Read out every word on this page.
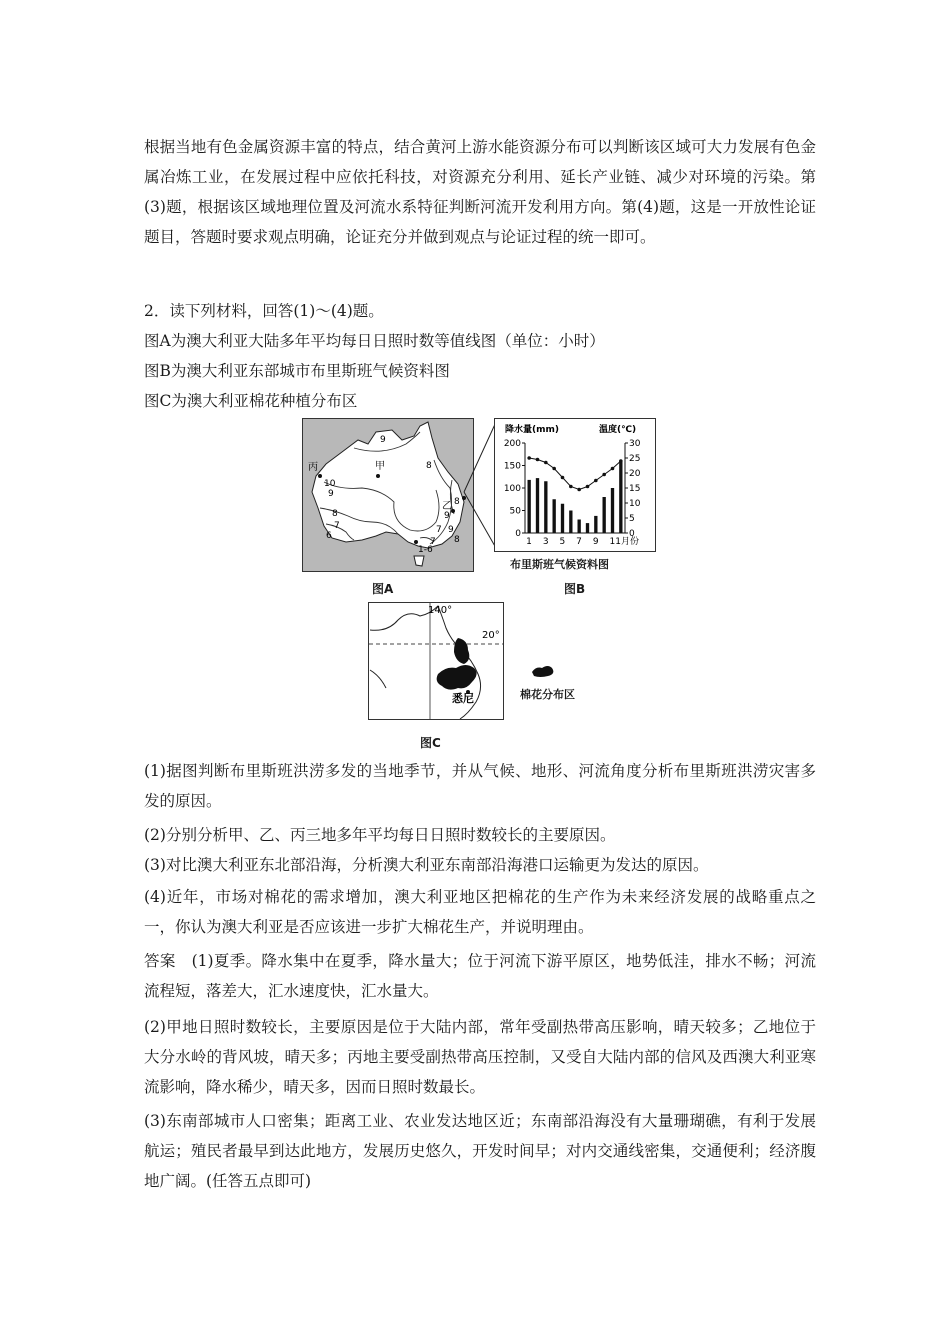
根据当地有色金属资源丰富的特点，结合黄河上游水能资源分布可以判断该区域可大力发展有色金属冶炼工业，在发展过程中应依托科技，对资源充分利用、延长产业链、减少对环境的污染。第(3)题，根据该区域地理位置及河流水系特征判断河流开发利用方向。第(4)题，这是一开放性论证题目，答题时要求观点明确，论证充分并做到观点与论证过程的统一即可。

2．读下列材料，回答(1)～(4)题。

图A为澳大利亚大陆多年平均每日日照时数等值线图（单位：小时）

图B为澳大利亚东部城市布里斯班气候资料图

图C为澳大利亚棉花种植分布区

甲
乙
丙
9
8
10
9
8
7
6
8
9
7 9
8
7
1-6
图A
降水量(mm)	温度(℃)
0
50
100
150
200
0
5
10
15
20
25
30
1 3 5 7 9 11月份
布里斯班气候资料图
图B
140°
20°
悉尼	棉花分布区
图C

(1)据图判断布里斯班洪涝多发的当地季节，并从气候、地形、河流角度分析布里斯班洪涝灾害多发的原因。

(2)分别分析甲、乙、丙三地多年平均每日日照时数较长的主要原因。

(3)对比澳大利亚东北部沿海，分析澳大利亚东南部沿海港口运输更为发达的原因。

(4)近年，市场对棉花的需求增加，澳大利亚地区把棉花的生产作为未来经济发展的战略重点之一，你认为澳大利亚是否应该进一步扩大棉花生产，并说明理由。

答案　(1)夏季。降水集中在夏季，降水量大；位于河流下游平原区，地势低洼，排水不畅；河流流程短，落差大，汇水速度快，汇水量大。

(2)甲地日照时数较长，主要原因是位于大陆内部，常年受副热带高压影响，晴天较多；乙地位于大分水岭的背风坡，晴天多；丙地主要受副热带高压控制，又受自大陆内部的信风及西澳大利亚寒流影响，降水稀少，晴天多，因而日照时数最长。

(3)东南部城市人口密集；距离工业、农业发达地区近；东南部沿海没有大量珊瑚礁，有利于发展航运；殖民者最早到达此地方，发展历史悠久，开发时间早；对内交通线密集，交通便利；经济腹地广阔。(任答五点即可)
